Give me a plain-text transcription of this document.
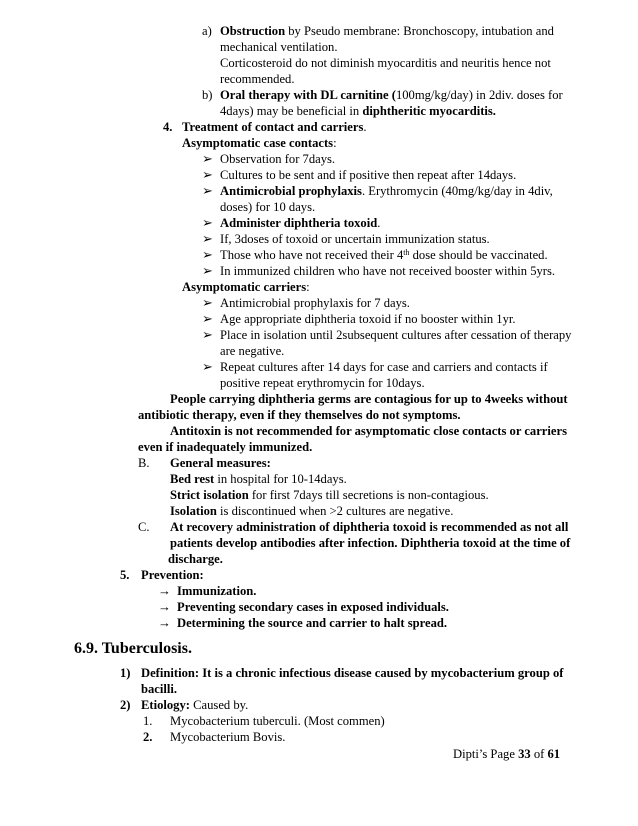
a) Obstruction by Pseudo membrane: Bronchoscopy, intubation and
mechanical ventilation.
Corticosteroid do not diminish myocarditis and neuritis hence not
recommended.
b) Oral therapy with DL carnitine (100mg/kg/day) in 2div. doses for
4days) may be beneficial in diphtheritic myocarditis.
4. Treatment of contact and carriers.
Asymptomatic case contacts:
➢ Observation for 7days.
➢ Cultures to be sent and if positive then repeat after 14days.
➢ Antimicrobial prophylaxis. Erythromycin (40mg/kg/day in 4div,
doses) for 10 days.
➢ Administer diphtheria toxoid.
➢ If, 3doses of toxoid or uncertain immunization status.
➢ Those who have not received their 4th dose should be vaccinated.
➢ In immunized children who have not received booster within 5yrs.
Asymptomatic carriers:
➢ Antimicrobial prophylaxis for 7 days.
➢ Age appropriate diphtheria toxoid if no booster within 1yr.
➢ Place in isolation until 2subsequent cultures after cessation of therapy
are negative.
➢ Repeat cultures after 14 days for case and carriers and contacts if
positive repeat erythromycin for 10days.
People carrying diphtheria germs are contagious for up to 4weeks without
antibiotic therapy, even if they themselves do not symptoms.
Antitoxin is not recommended for asymptomatic close contacts or carriers
even if inadequately immunized.
B. General measures:
Bed rest in hospital for 10-14days.
Strict isolation for first 7days till secretions is non-contagious.
Isolation is discontinued when >2 cultures are negative.
C. At recovery administration of diphtheria toxoid is recommended as not all
patients develop antibodies after infection. Diphtheria toxoid at the time of
discharge.
5. Prevention:
→ Immunization.
→ Preventing secondary cases in exposed individuals.
→ Determining the source and carrier to halt spread.
6.9. Tuberculosis.
1) Definition: It is a chronic infectious disease caused by mycobacterium group of
bacilli.
2) Etiology: Caused by.
1. Mycobacterium tuberculi. (Most commen)
2. Mycobacterium Bovis.
Dipti’s Page 33 of 61
